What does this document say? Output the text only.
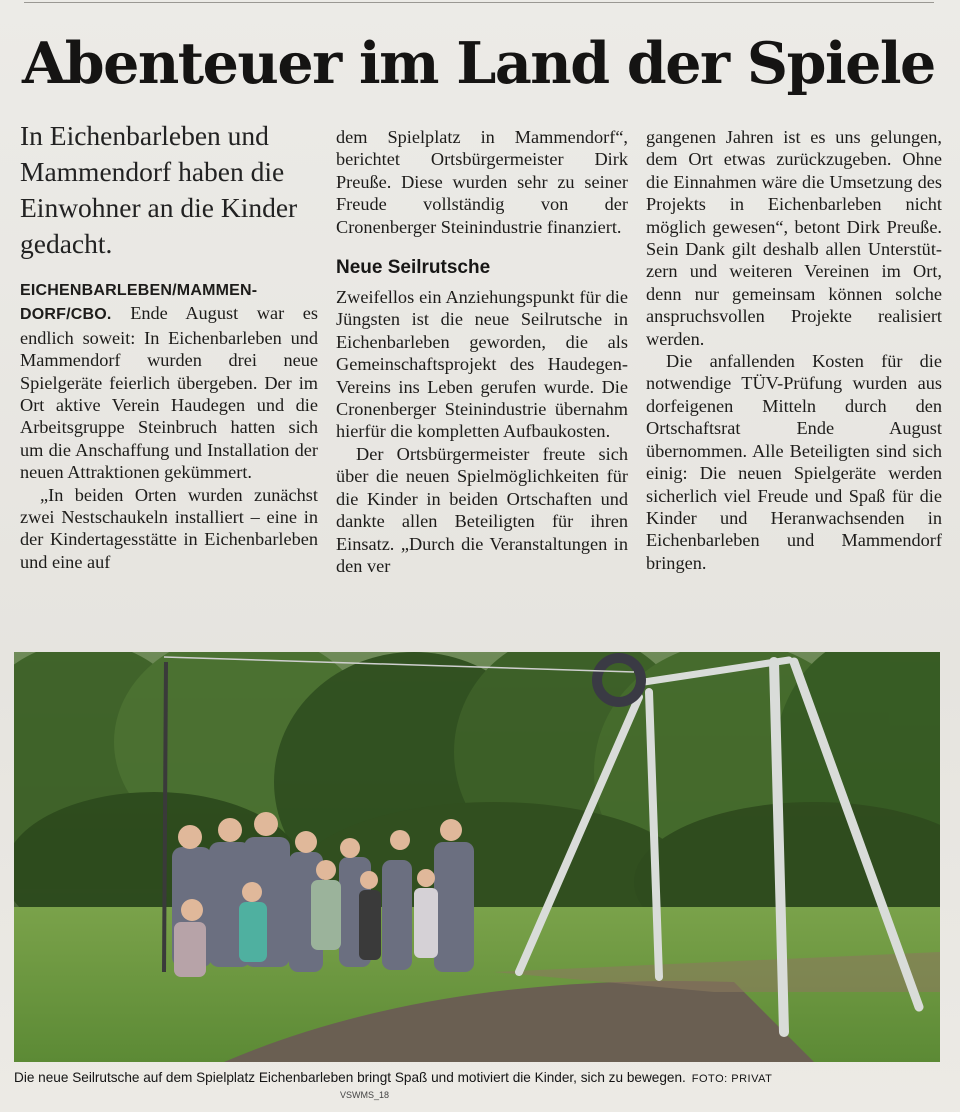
Abenteuer im Land der Spiele
In Eichenbarleben und Mammendorf haben die Einwohner an die Kinder gedacht.

EICHENBARLEBEN/MAMMENDORF/CBO. Ende August war es endlich soweit: In Eichenbarleben und Mammendorf wurden drei neue Spielgeräte feierlich übergeben. Der im Ort aktive Verein Haudegen und die Arbeitsgruppe Steinbruch hatten sich um die Anschaffung und Installation der neuen Attraktionen gekümmert.

„In beiden Orten wurden zunächst zwei Nestschaukeln installiert – eine in der Kindertagesstätte in Eichenbarleben und eine auf

dem Spielplatz in Mammendorf“, berichtet Ortsbürgermeister Dirk Preuße. Diese wurden sehr zu seiner Freude vollständig von der Cronenberger Steinindustrie finanziert.

Neue Seilrutsche

Zweifellos ein Anziehungspunkt für die Jüngsten ist die neue Seilrutsche in Eichenbarleben geworden, die als Gemeinschaftsprojekt des Haudegen-Vereins ins Leben gerufen wurde. Die Cronenberger Steinindustrie übernahm hierfür die kompletten Aufbaukosten.

Der Ortsbürgermeister freute sich über die neuen Spielmöglichkeiten für die Kinder in beiden Ortschaften und dankte allen Beteiligten für ihren Einsatz. „Durch die Veranstaltungen in den ver

gangenen Jahren ist es uns gelungen, dem Ort etwas zurückzugeben. Ohne die Einnahmen wäre die Umsetzung des Projekts in Eichenbarleben nicht möglich gewesen“, betont Dirk Preuße. Sein Dank gilt deshalb allen Unterstützern und weiteren Vereinen im Ort, denn nur gemeinsam können solche anspruchsvollen Projekte realisiert werden.

Die anfallenden Kosten für die notwendige TÜV-Prüfung wurden aus dorfeigenen Mitteln durch den Ortschaftsrat Ende August übernommen. Alle Beteiligten sind sich einig: Die neuen Spielgeräte werden sicherlich viel Freude und Spaß für die Kinder und Heranwachsenden in Eichenbarleben und Mammendorf bringen.

Die neue Seilrutsche auf dem Spielplatz Eichenbarleben bringt Spaß und motiviert die Kinder, sich zu bewegen. FOTO: PRIVAT
VSWMS_18
